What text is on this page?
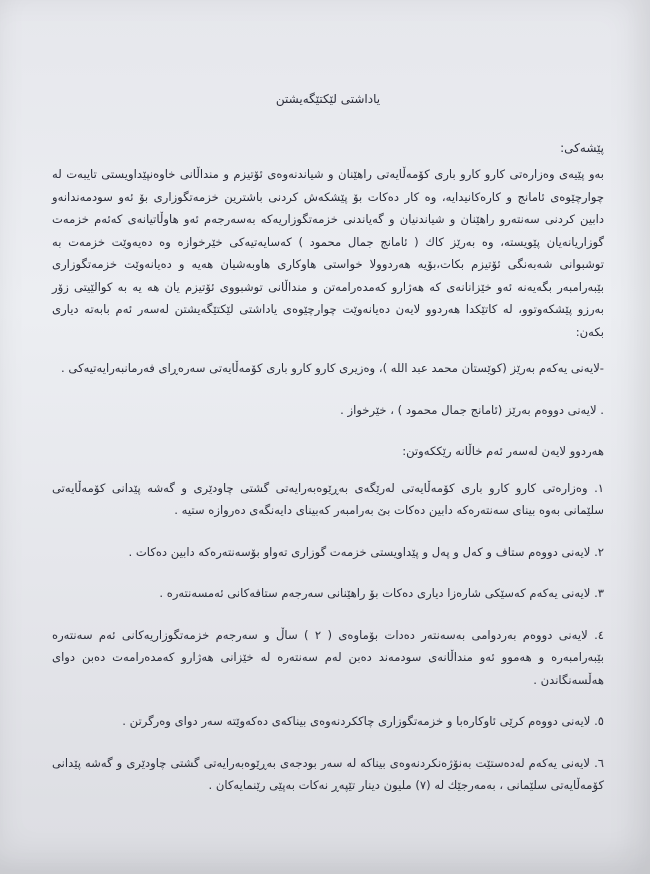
یاداشتی لێکتێگەیشتن
پێشەکی:

بەو پێیەی وەزارەتی کارو کارو باری کۆمەڵایەتی راهێنان و شیاندنەوەی ئۆتیزم و منداڵانی خاوەنپێداویستی تایبەت له چوارچێوەی ئامانج و کارەکانیدایە، وە کار دەکات بۆ پێشکەش کردنی باشترین خزمەتگوزاری بۆ ئەو سودمەندانەو دابین کردنی سەنتەرو راهێنان و شیاندنیان و گەیاندنی خزمەتگوزاریەکە بەسەرجەم ئەو هاوڵاتیانەی کەئەم خزمەت گوزاریانەیان پێویستە، وە بەرێز کاك ( ئامانج جمال محمود ) کەسایەتیەکی خێرخوازە وە دەیەوێت خزمەت بە توشبوانی شەبەنگی ئۆتیزم بکات،بۆیە هەردوولا خواستی هاوکاری هاوبەشیان هەیە و دەیانەوێت خزمەتگوزاری بێبەرامبەر بگەیەنە ئەو خێزانانەی کە هەژارو کەمدەرامەتن و منداڵانی توشبووی ئۆتیزم یان هە یە بە کوالێیتی زۆر بەرزو پێشکەوتوو، لە کاتێکدا هەردوو لایەن دەیانەوێت چوارچێوەی یاداشتی لێکتێگەیشتن لەسەر ئەم بابەتە دیاری بکەن:

-لایەنی یەکەم بەرێز (کوێستان محمد عبد الله )، وەزیری کارو کارو باری کۆمەڵایەتی سەرەڕای فەرمانبەرایەتیەکی .

. لایەنی دووەم بەرێز (ئامانج جمال محمود ) ، خێرخواز .

هەردوو لایەن لەسەر ئەم خاڵانە رێککەوتن:

١. وەزارەتی کارو کارو باری کۆمەڵایەتی لەرێگەی بەڕێوەبەرایەتی گشتی چاودێری و گەشە پێدانی کۆمەڵایەتی سلێمانی بەوە بینای سەنتەرەکە دابین دەکات بێ بەرامبەر کەبینای دایەنگەی دەروازە ستیه .

٢. لایەنی دووەم ستاف و کەل و پەل و پێداویستی خزمەت گوزاری تەواو بۆسەنتەرەکە دابین دەکات .

٣. لایەنی یەکەم کەسێکی شارەزا دیاری دەکات بۆ راهێنانی سەرجەم ستافەکانی ئەمسەنتەرە .

٤. لایەنی دووەم بەردوامی بەسەنتەر دەدات بۆماوەی ( ٢ ) ساڵ و سەرجەم خزمەتگوزاریەکانی ئەم سەنتەرە بێبەرامبەرە و هەموو ئەو منداڵانەی سودمەند دەبن لەم سەنتەرە لە خێزانی هەژارو کەمدەرامەت دەبن دوای هەڵسەنگاندن .

٥. لایەنی دووەم کرێی ئاوکارەبا و خزمەتگوزاری چاککردنەوەی بیناکەی دەکەوێتە سەر دوای وەرگرتن .

٦. لایەنی یەکەم لەدەستێت بەنۆژەنکردنەوەی بیناکە لە سەر بودجەی بەڕێوەبەرایەتی گشتی چاودێری و گەشە پێدانی کۆمەڵایەتی سلێمانی ، بەمەرجێك لە (٧) ملیون دینار تێپەڕ نەکات بەپێی رێنمایەکان .
